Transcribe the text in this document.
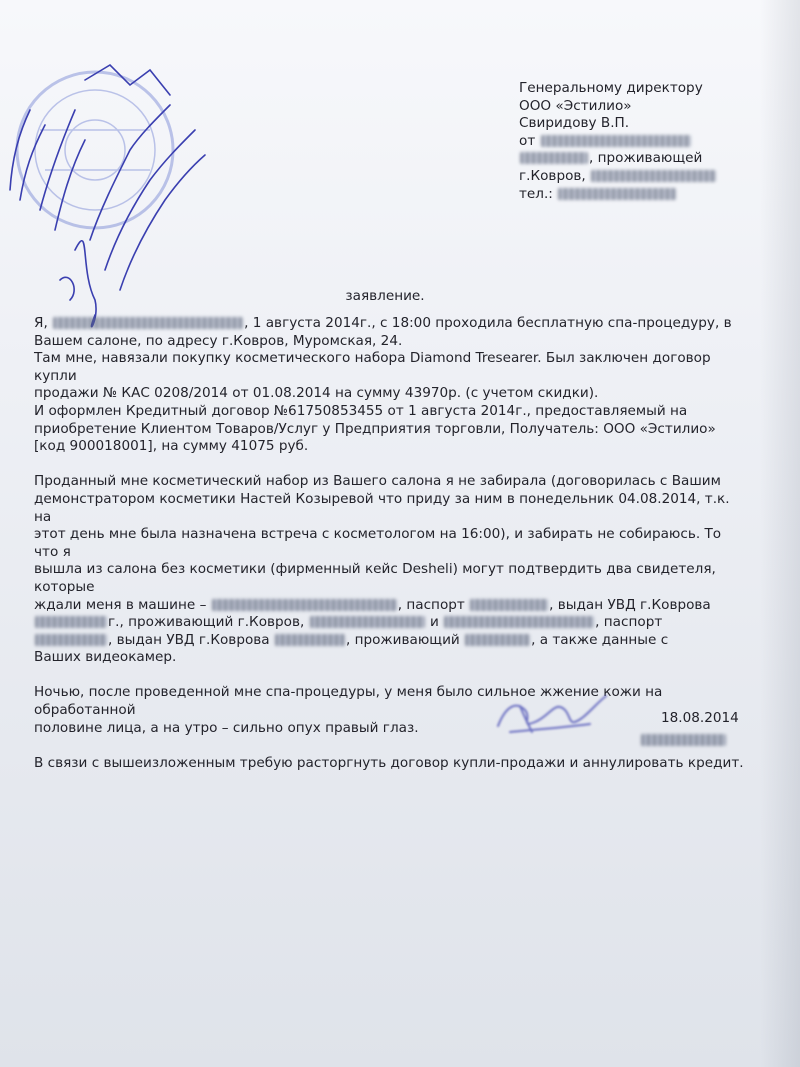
Генеральному директору
ООО «Эстилио»
Свиридову В.П.
от
, проживающей
г.Ковров,
тел.:
заявление.

Я,	, 1 августа 2014г., с 18:00 проходила бесплатную спа-процедуру, в
Вашем салоне, по адресу г.Ковров, Муромская, 24.
Там мне, навязали покупку косметического набора Diamond Tresearer. Был заключен договор купли
продажи № КАС 0208/2014 от 01.08.2014 на сумму 43970р. (с учетом скидки).
И оформлен Кредитный договор №61750853455 от 1 августа 2014г., предоставляемый на
приобретение Клиентом Товаров/Услуг у Предприятия торговли, Получатель: ООО «Эстилио»
[код 900018001], на сумму 41075 руб.

Проданный мне косметический набор из Вашего салона я не забирала (договорилась с Вашим
демонстратором косметики Настей Козыревой что приду за ним в понедельник 04.08.2014, т.к. на
этот день мне была назначена встреча с косметологом на 16:00), и забирать не собираюсь. То что я
вышла из салона без косметики (фирменный кейс Desheli) могут подтвердить два свидетеля, которые
ждали меня в машине –	, паспорт	, выдан УВД г.Коврова
г., проживающий г.Ковров,	и	, паспорт
, выдан УВД г.Коврова	, проживающий	, а также данные с
Ваших видеокамер.

Ночью, после проведенной мне спа-процедуры, у меня было сильное жжение кожи на обработанной
половине лица, а на утро – сильно опух правый глаз.

В связи с вышеизложенным требую расторгнуть договор купли-продажи и аннулировать кредит.

18.08.2014
